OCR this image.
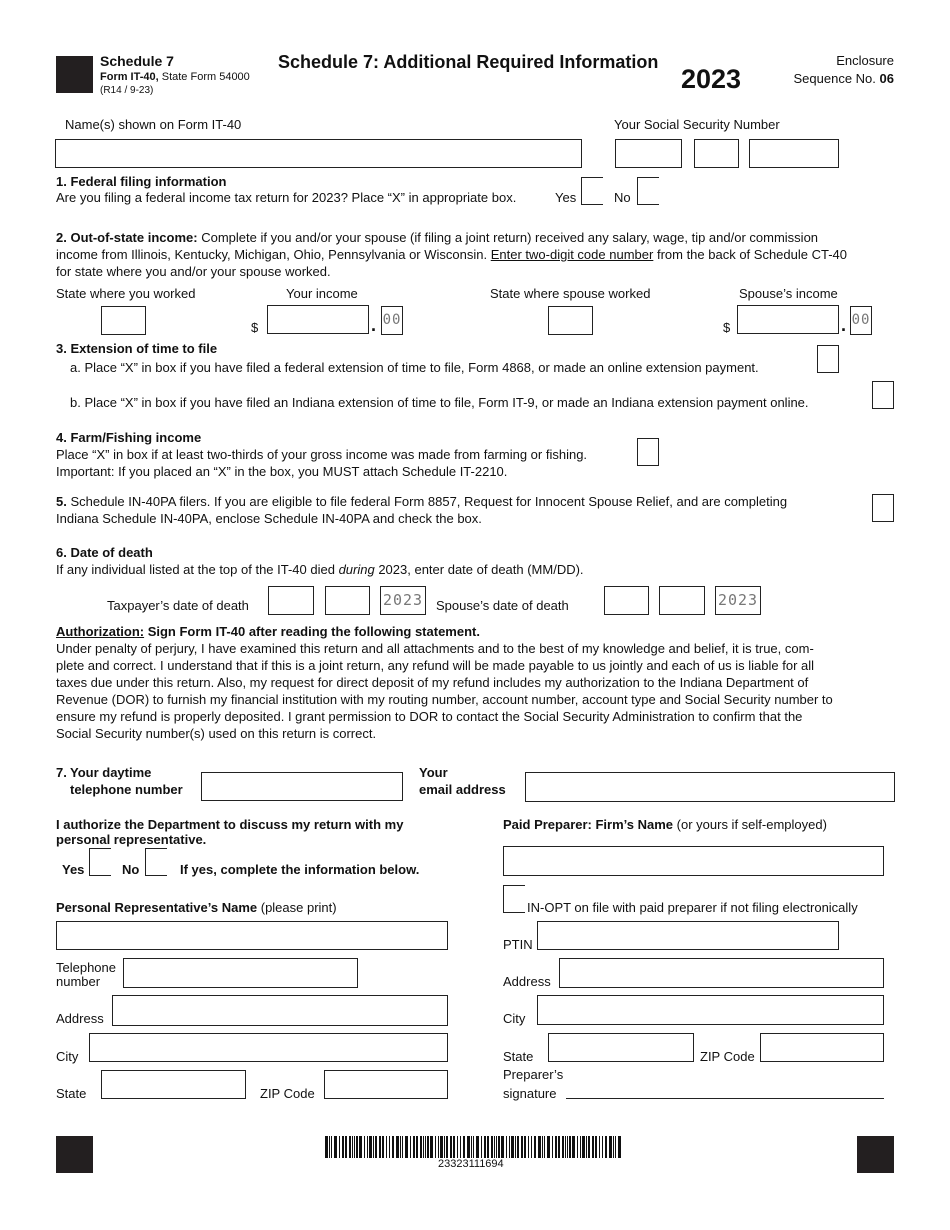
Schedule 7
Form IT-40, State Form 54000
(R14 / 9-23)
Schedule 7: Additional Required Information
2023
Enclosure
Sequence No. 06
Name(s) shown on Form IT-40	Your Social Security Number
1. Federal filing information
Are you filing a federal income tax return for 2023? Place “X” in appropriate box.	Yes	No
2. Out-of-state income: Complete if you and/or your spouse (if filing a joint return) received any salary, wage, tip and/or commission
income from Illinois, Kentucky, Michigan, Ohio, Pennsylvania or Wisconsin. Enter two-digit code number from the back of Schedule CT-40
for state where you and/or your spouse worked.
State where you worked	Your income	State where spouse worked	Spouse’s income
$	. 00	$	. 00
3. Extension of time to file
a. Place “X” in box if you have filed a federal extension of time to file, Form 4868, or made an online extension payment.
b. Place “X” in box if you have filed an Indiana extension of time to file, Form IT-9, or made an Indiana extension payment online.
4. Farm/Fishing income
Place “X” in box if at least two-thirds of your gross income was made from farming or fishing.
Important: If you placed an “X” in the box, you MUST attach Schedule IT-2210.
5. Schedule IN-40PA filers. If you are eligible to file federal Form 8857, Request for Innocent Spouse Relief, and are completing
Indiana Schedule IN-40PA, enclose Schedule IN-40PA and check the box.
6. Date of death
If any individual listed at the top of the IT-40 died during 2023, enter date of death (MM/DD).
Taxpayer’s date of death	2023 Spouse’s date of death	2023
Authorization: Sign Form IT-40 after reading the following statement.
Under penalty of perjury, I have examined this return and all attachments and to the best of my knowledge and belief, it is true, com-
plete and correct. I understand that if this is a joint return, any refund will be made payable to us jointly and each of us is liable for all
taxes due under this return. Also, my request for direct deposit of my refund includes my authorization to the Indiana Department of
Revenue (DOR) to furnish my financial institution with my routing number, account number, account type and Social Security number to
ensure my refund is properly deposited. I grant permission to DOR to contact the Social Security Administration to confirm that the
Social Security number(s) used on this return is correct.
7. Your daytime
telephone number
Your
email address
I authorize the Department to discuss my return with my
personal representative.
Yes	No	If yes, complete the information below.
Personal Representative’s Name (please print)
Telephone
number
Address
City
State	ZIP Code
Paid Preparer: Firm’s Name (or yours if self-employed)
IN-OPT on file with paid preparer if not filing electronically
PTIN
Address
City
State	ZIP Code
Preparer’s
signature
23323111694
